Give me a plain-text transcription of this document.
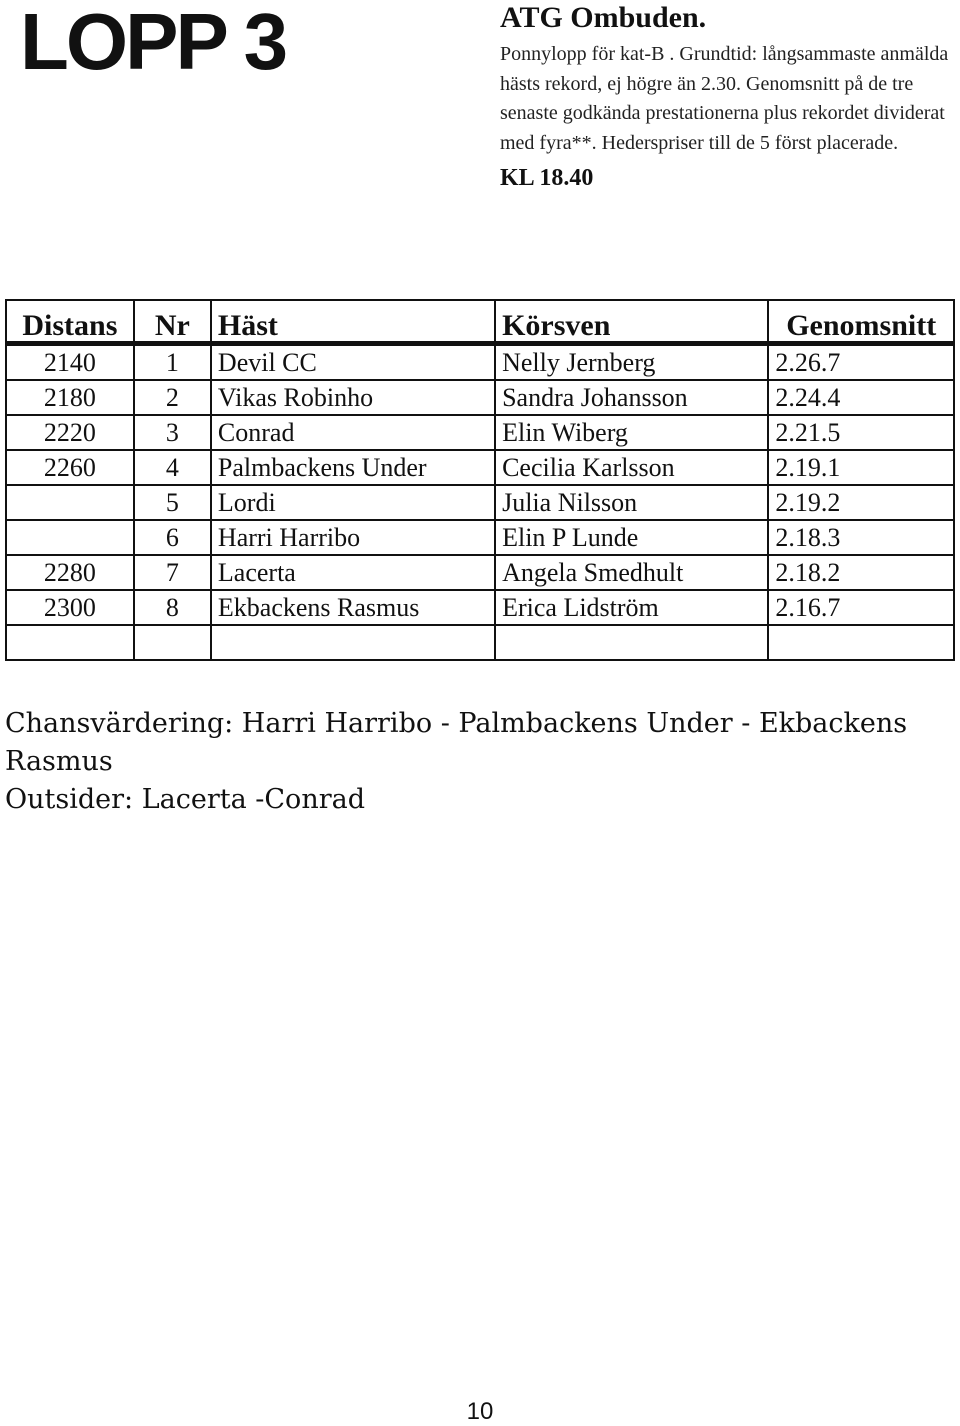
LOPP 3	ATG Ombuden.

Ponnylopp för kat-B . Grundtid: långsammaste anmälda hästs rekord, ej högre än 2.30. Genomsnitt på de tre senaste godkända prestationerna plus rekordet dividerat med fyra**. Hederspriser till de 5 först placerade.

KL 18.40

Distans	Nr	Häst	Körsven	Genomsnitt
2140	1	Devil CC	Nelly Jernberg	2.26.7
2180	2	Vikas Robinho	Sandra Johansson	2.24.4
2220	3	Conrad	Elin Wiberg	2.21.5
2260	4	Palmbackens Under	Cecilia Karlsson	2.19.1
	5	Lordi	Julia Nilsson	2.19.2
	6	Harri Harribo	Elin P Lunde	2.18.3
2280	7	Lacerta	Angela Smedhult	2.18.2
2300	8	Ekbackens Rasmus	Erica Lidström	2.16.7

Chansvärdering: Harri Harribo - Palmbackens Under - Ekbackens Rasmus
Outsider: Lacerta -Conrad
10
